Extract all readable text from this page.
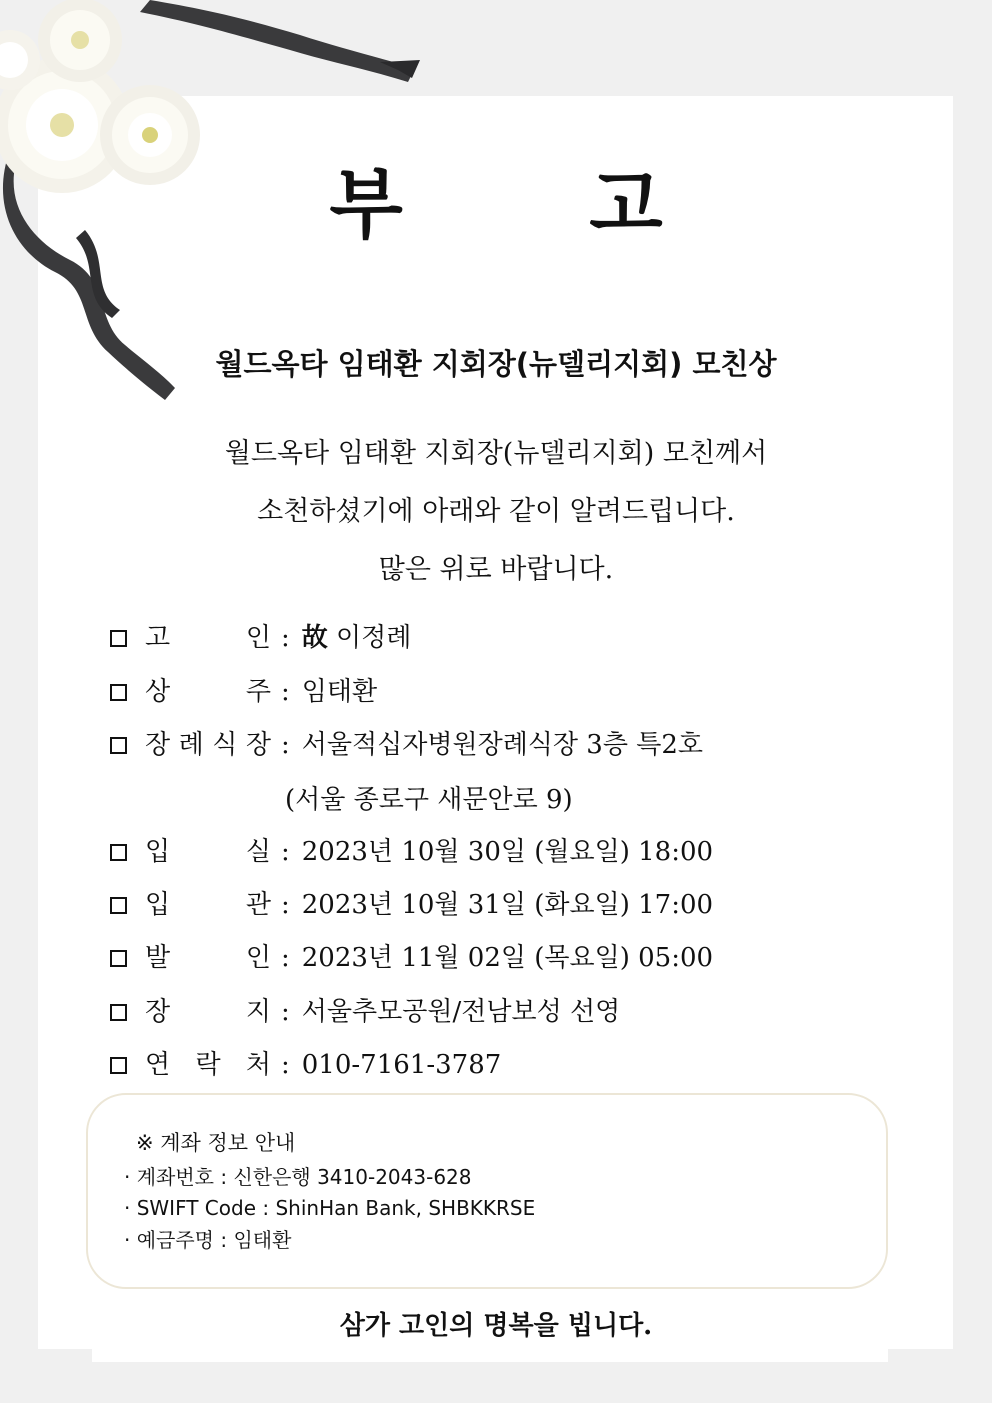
부 고
월드옥타 임태환 지회장(뉴델리지회) 모친상
월드옥타 임태환 지회장(뉴델리지회) 모친께서
소천하셨기에 아래와 같이 알려드립니다.
많은 위로 바랍니다.
고	인 : 故 이정례
상	주 : 임태환
장 례 식 장 : 서울적십자병원장례식장 3층 특2호
(서울 종로구 새문안로 9)
입	실 : 2023년 10월 30일 (월요일) 18:00
입	관 : 2023년 10월 31일 (화요일) 17:00
발	인 : 2023년 11월 02일 (목요일) 05:00
장	지 : 서울추모공원/전남보성 선영
연 락 처 : 010-7161-3787
※ 계좌 정보 안내
· 계좌번호 : 신한은행 3410-2043-628
· SWIFT Code : ShinHan Bank, SHBKKRSE
· 예금주명 : 임태환
삼가 고인의 명복을 빕니다.
